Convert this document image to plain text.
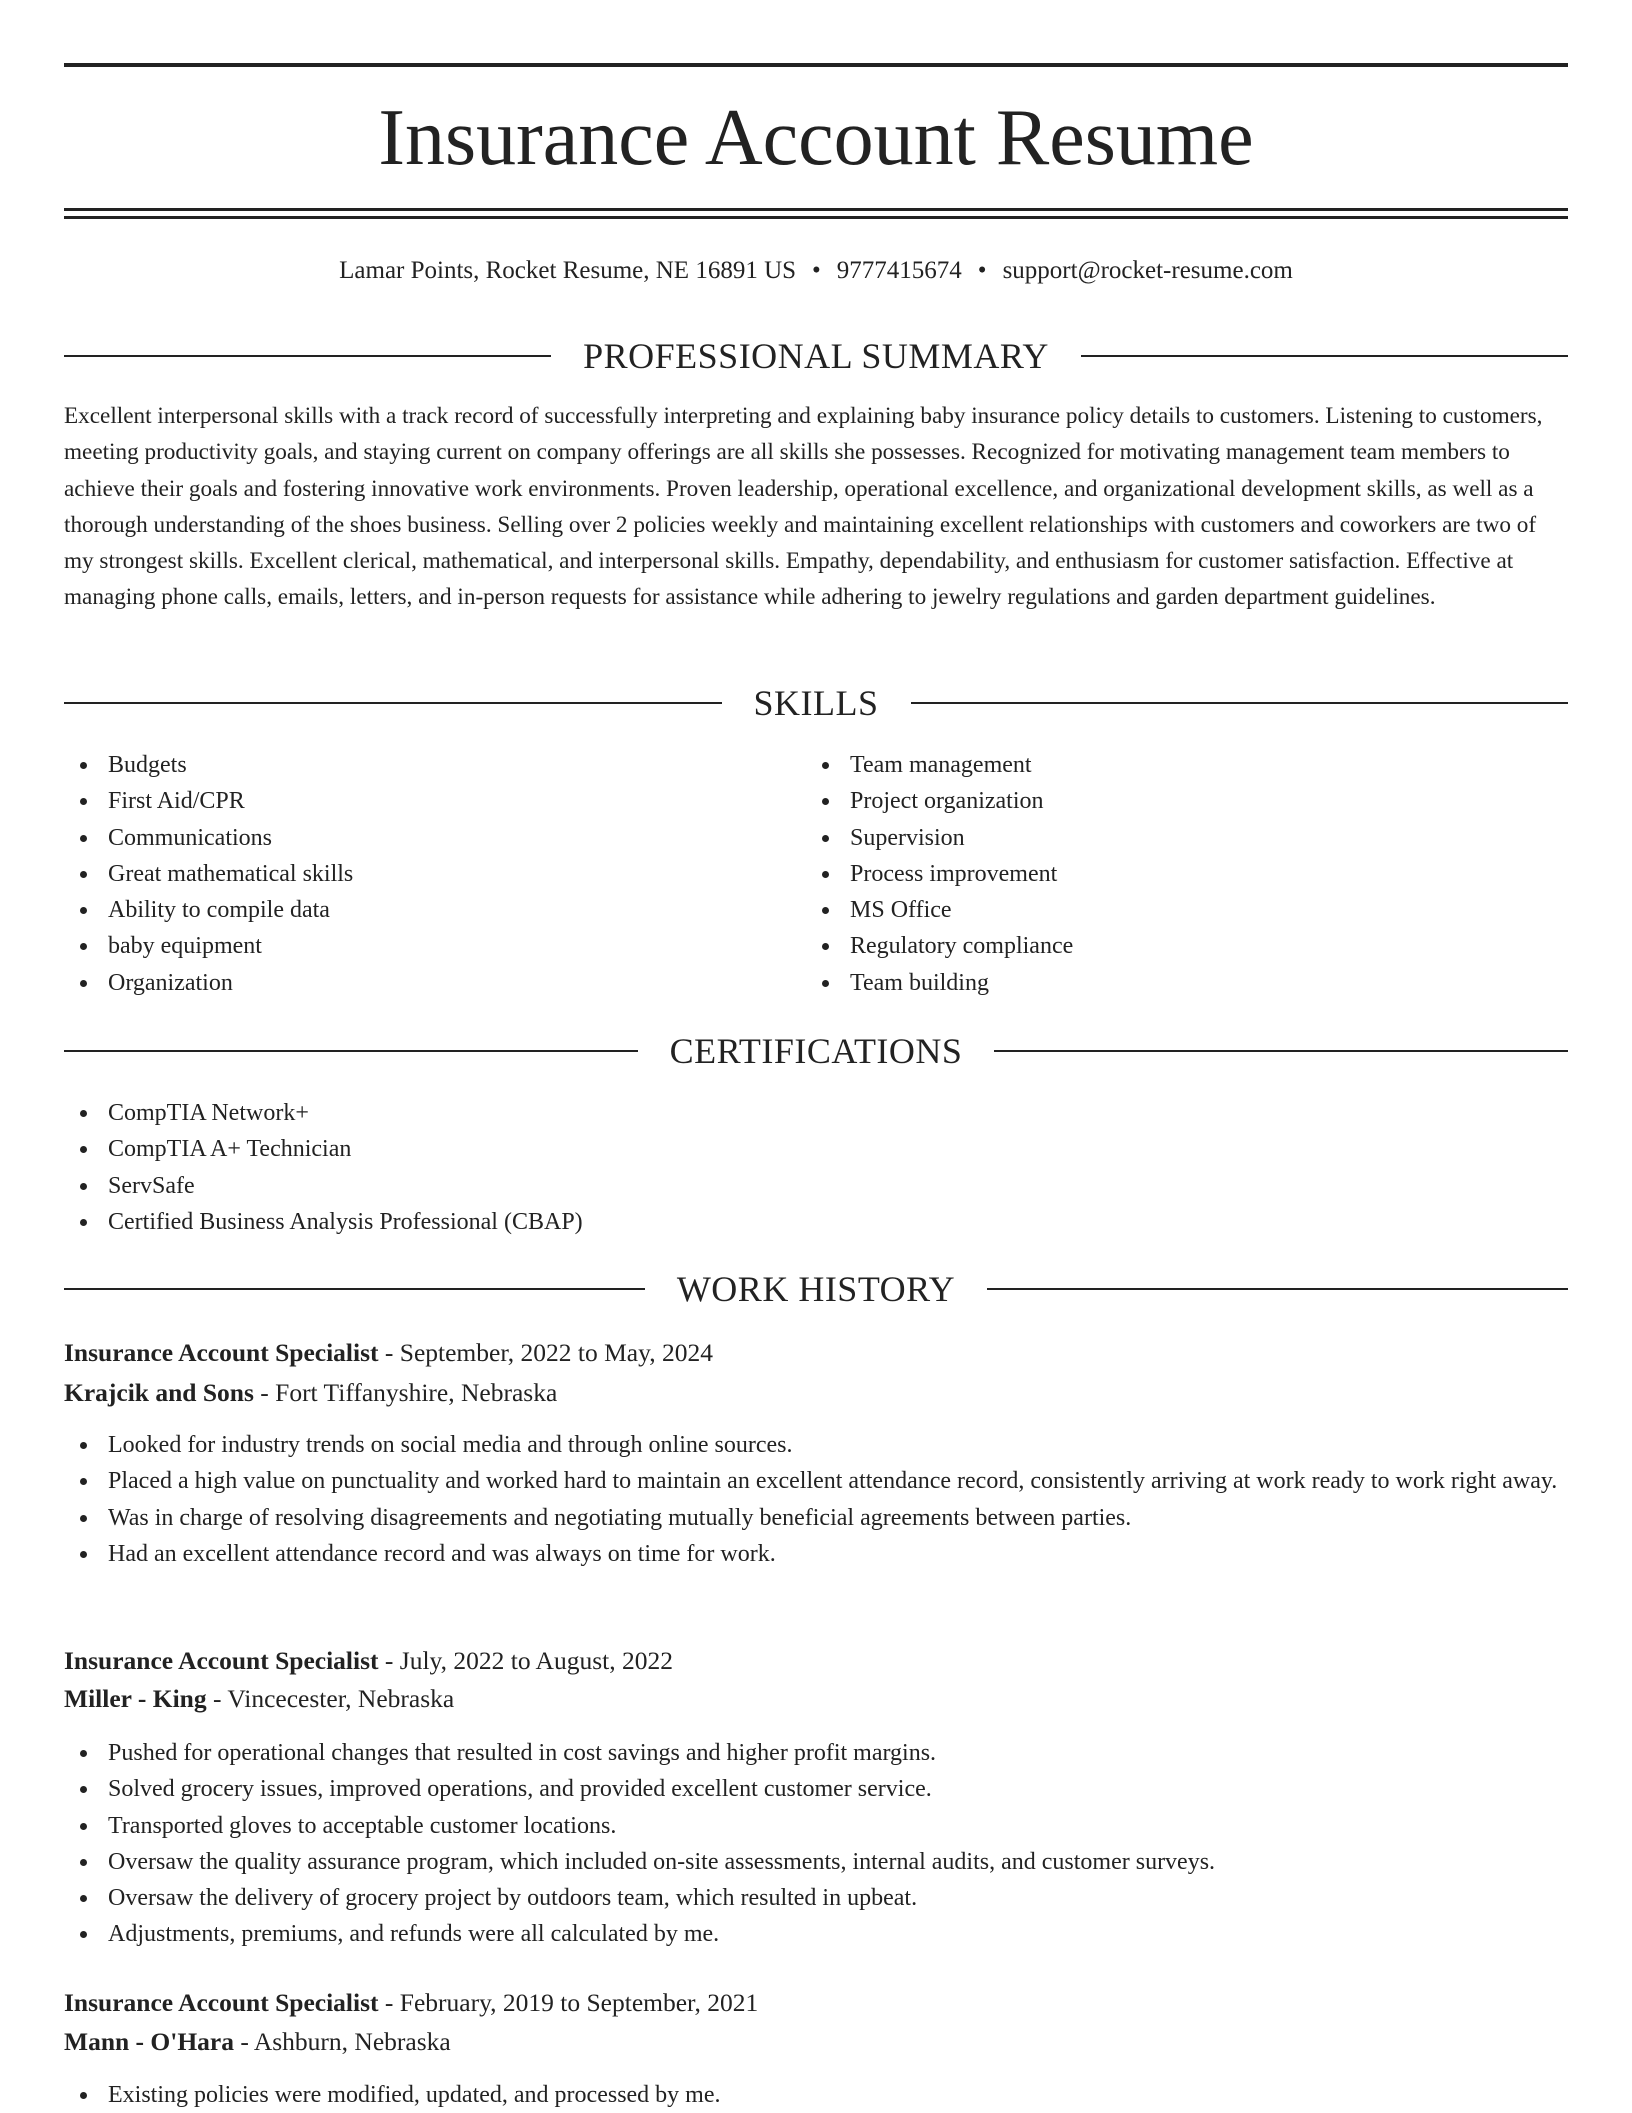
Insurance Account Resume
Lamar Points, Rocket Resume, NE 16891 US • 9777415674 • support@rocket-resume.com
PROFESSIONAL SUMMARY

Excellent interpersonal skills with a track record of successfully interpreting and explaining baby insurance policy details to customers. Listening to customers, meeting productivity goals, and staying current on company offerings are all skills she possesses. Recognized for motivating management team members to achieve their goals and fostering innovative work environments. Proven leadership, operational excellence, and organizational development skills, as well as a thorough understanding of the shoes business. Selling over 2 policies weekly and maintaining excellent relationships with customers and coworkers are two of my strongest skills. Excellent clerical, mathematical, and interpersonal skills. Empathy, dependability, and enthusiasm for customer satisfaction. Effective at managing phone calls, emails, letters, and in-person requests for assistance while adhering to jewelry regulations and garden department guidelines.

SKILLS
Budgets
First Aid/CPR
Communications
Great mathematical skills
Ability to compile data
baby equipment
Organization
Team management
Project organization
Supervision
Process improvement
MS Office
Regulatory compliance
Team building
CERTIFICATIONS
CompTIA Network+
CompTIA A+ Technician
ServSafe
Certified Business Analysis Professional (CBAP)
WORK HISTORY
Insurance Account Specialist - September, 2022 to May, 2024
Krajcik and Sons - Fort Tiffanyshire, Nebraska
Looked for industry trends on social media and through online sources.
Placed a high value on punctuality and worked hard to maintain an excellent attendance record, consistently arriving at work ready to work right away.
Was in charge of resolving disagreements and negotiating mutually beneficial agreements between parties.
Had an excellent attendance record and was always on time for work.
Insurance Account Specialist - July, 2022 to August, 2022
Miller - King - Vincecester, Nebraska
Pushed for operational changes that resulted in cost savings and higher profit margins.
Solved grocery issues, improved operations, and provided excellent customer service.
Transported gloves to acceptable customer locations.
Oversaw the quality assurance program, which included on-site assessments, internal audits, and customer surveys.
Oversaw the delivery of grocery project by outdoors team, which resulted in upbeat.
Adjustments, premiums, and refunds were all calculated by me.
Insurance Account Specialist - February, 2019 to September, 2021
Mann - O'Hara - Ashburn, Nebraska
Existing policies were modified, updated, and processed by me.
